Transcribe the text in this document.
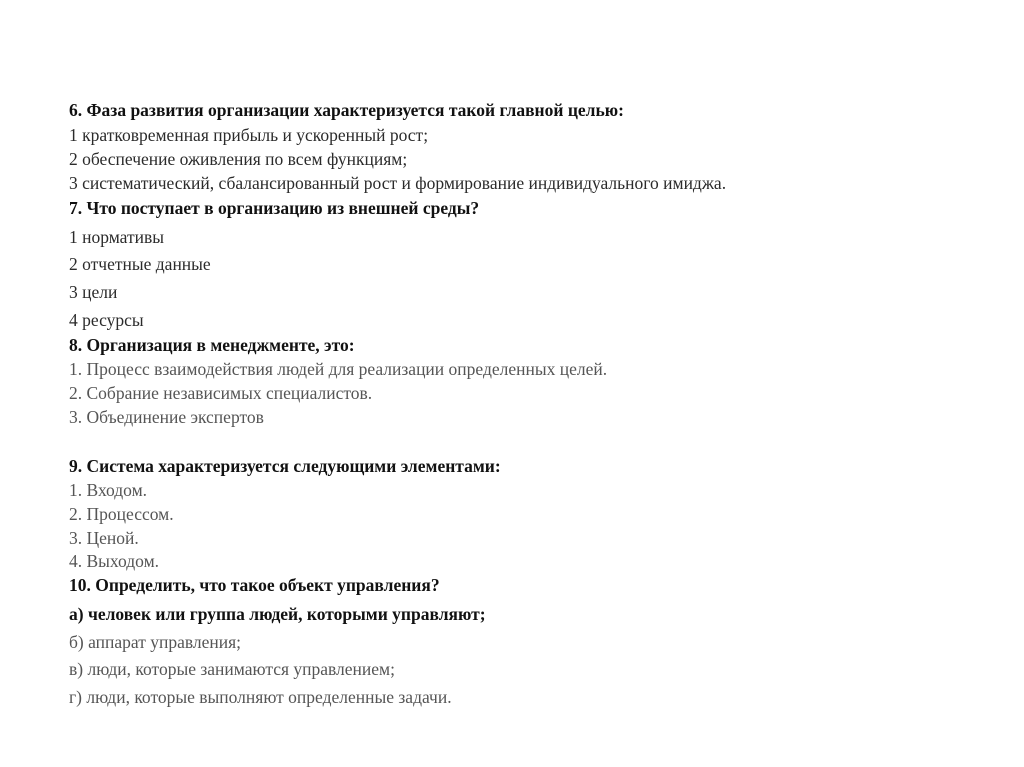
6. Фаза развития организации характеризуется такой главной целью:
1 кратковременная прибыль и ускоренный рост;
2 обеспечение оживления по всем функциям;
3 систематический, сбалансированный рост и формирование индивидуального имиджа.
7. Что поступает в организацию из внешней среды?
1 нормативы
2 отчетные данные
3 цели
4 ресурсы
8. Организация в менеджменте, это:
1. Процесс взаимодействия людей для реализации определенных целей.
2. Собрание независимых специалистов.
3. Объединение экспертов
9. Система характеризуется следующими элементами:
1. Входом.
2. Процессом.
3. Ценой.
4. Выходом.
10. Определить, что такое объект управления?
а) человек или группа людей, которыми управляют;
б) аппарат управления;
в) люди, которые занимаются управлением;
г) люди, которые выполняют определенные задачи.
